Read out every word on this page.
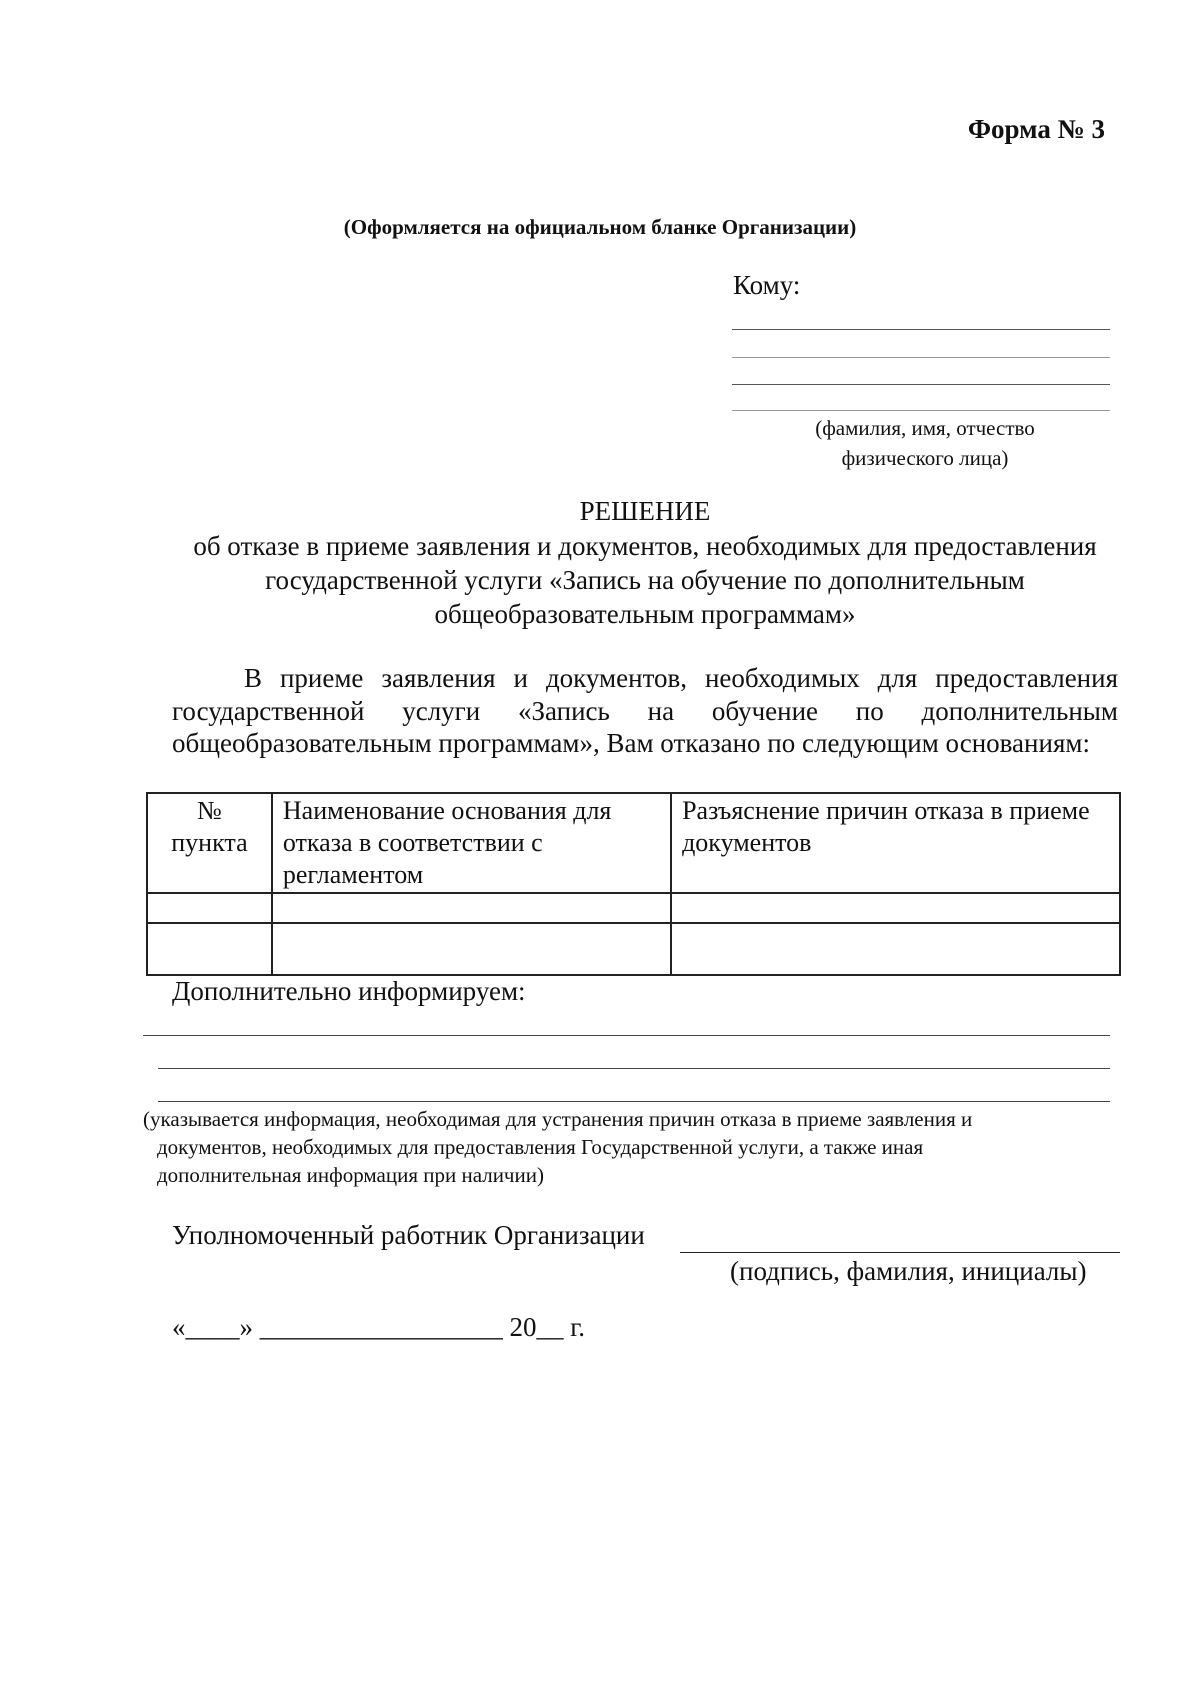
Форма № 3
(Оформляется на официальном бланке Организации)
Кому:
(фамилия, имя, отчество
физического лица)
РЕШЕНИЕ
об отказе в приеме заявления и документов, необходимых для предоставления государственной услуги «Запись на обучение по дополнительным общеобразовательным программам»
В приеме заявления и документов, необходимых для предоставления государственной услуги «Запись на обучение по дополнительным общеобразовательным программам», Вам отказано по следующим основаниям:
№ пункта	Наименование основания для отказа в соответствии с регламентом	Разъяснение причин отказа в приеме документов

Дополнительно информируем:
(указывается информация, необходимая для устранения причин отказа в приеме заявления и
документов, необходимых для предоставления Государственной услуги, а также иная
дополнительная информация при наличии)
Уполномоченный работник Организации
(подпись, фамилия, инициалы)
«____» __________________ 20__ г.
